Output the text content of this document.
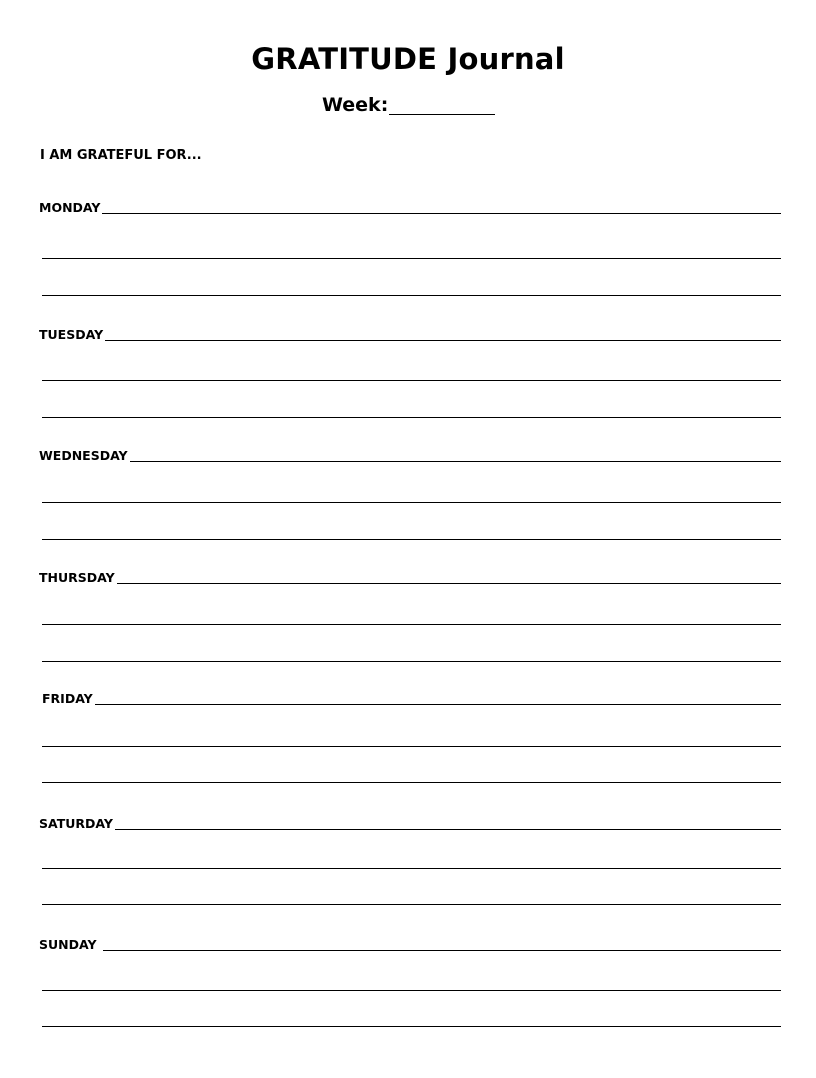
GRATITUDE Journal
Week:
I AM GRATEFUL FOR...
MONDAY
TUESDAY
WEDNESDAY
THURSDAY
FRIDAY
SATURDAY
SUNDAY
